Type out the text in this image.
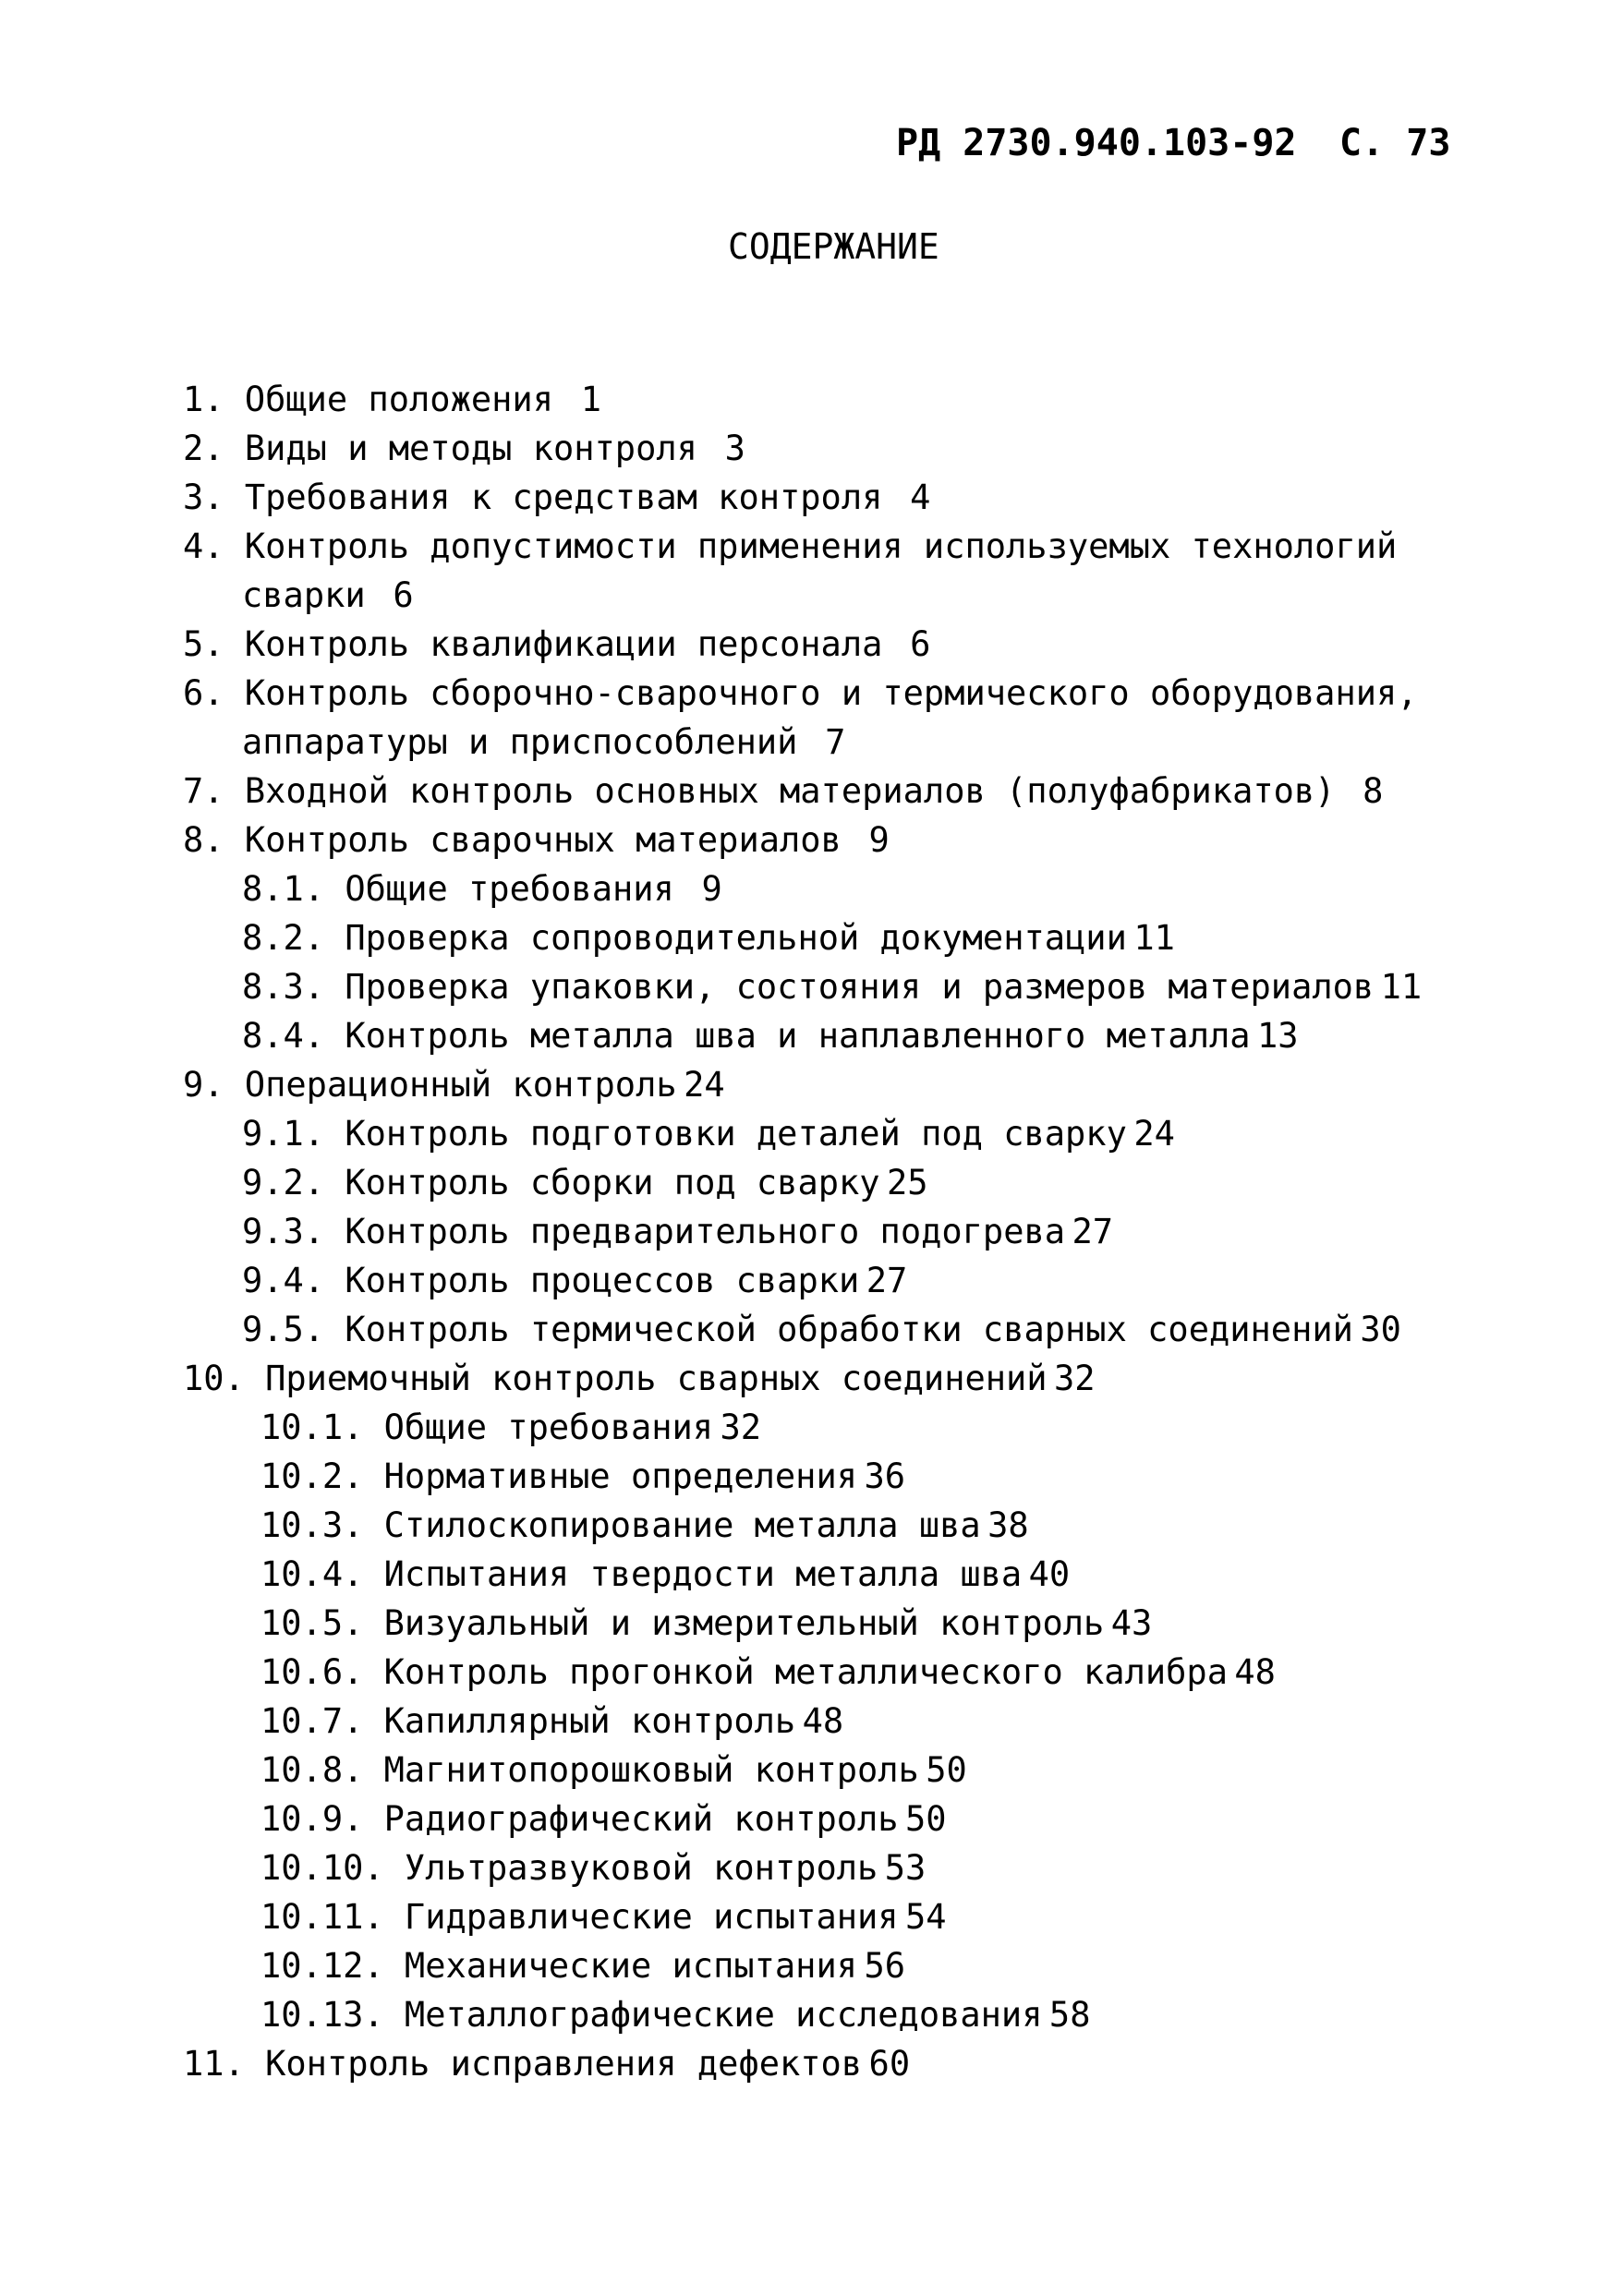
РД 2730.940.103-92 С. 73
СОДЕРЖАНИЕ
1. Общие положения 1
2. Виды и методы контроля 3
3. Требования к средствам контроля 4
4. Контроль допустимости применения используемых технологий
сварки 6
5. Контроль квалификации персонала 6
6. Контроль сборочно-сварочного и термического оборудования,
аппаратуры и приспособлений 7
7. Входной контроль основных материалов (полуфабрикатов) 8
8. Контроль сварочных материалов 9
8.1. Общие требования 9
8.2. Проверка сопроводительной документации 11
8.3. Проверка упаковки, состояния и размеров материалов 11
8.4. Контроль металла шва и наплавленного металла 13
9. Операционный контроль 24
9.1. Контроль подготовки деталей под сварку 24
9.2. Контроль сборки под сварку 25
9.3. Контроль предварительного подогрева 27
9.4. Контроль процессов сварки 27
9.5. Контроль термической обработки сварных соединений 30
10. Приемочный контроль сварных соединений 32
10.1. Общие требования 32
10.2. Нормативные определения 36
10.3. Стилоскопирование металла шва 38
10.4. Испытания твердости металла шва 40
10.5. Визуальный и измерительный контроль 43
10.6. Контроль прогонкой металлического калибра 48
10.7. Капиллярный контроль 48
10.8. Магнитопорошковый контроль 50
10.9. Радиографический контроль 50
10.10. Ультразвуковой контроль 53
10.11. Гидравлические испытания 54
10.12. Механические испытания 56
10.13. Металлографические исследования 58
11. Контроль исправления дефектов 60
